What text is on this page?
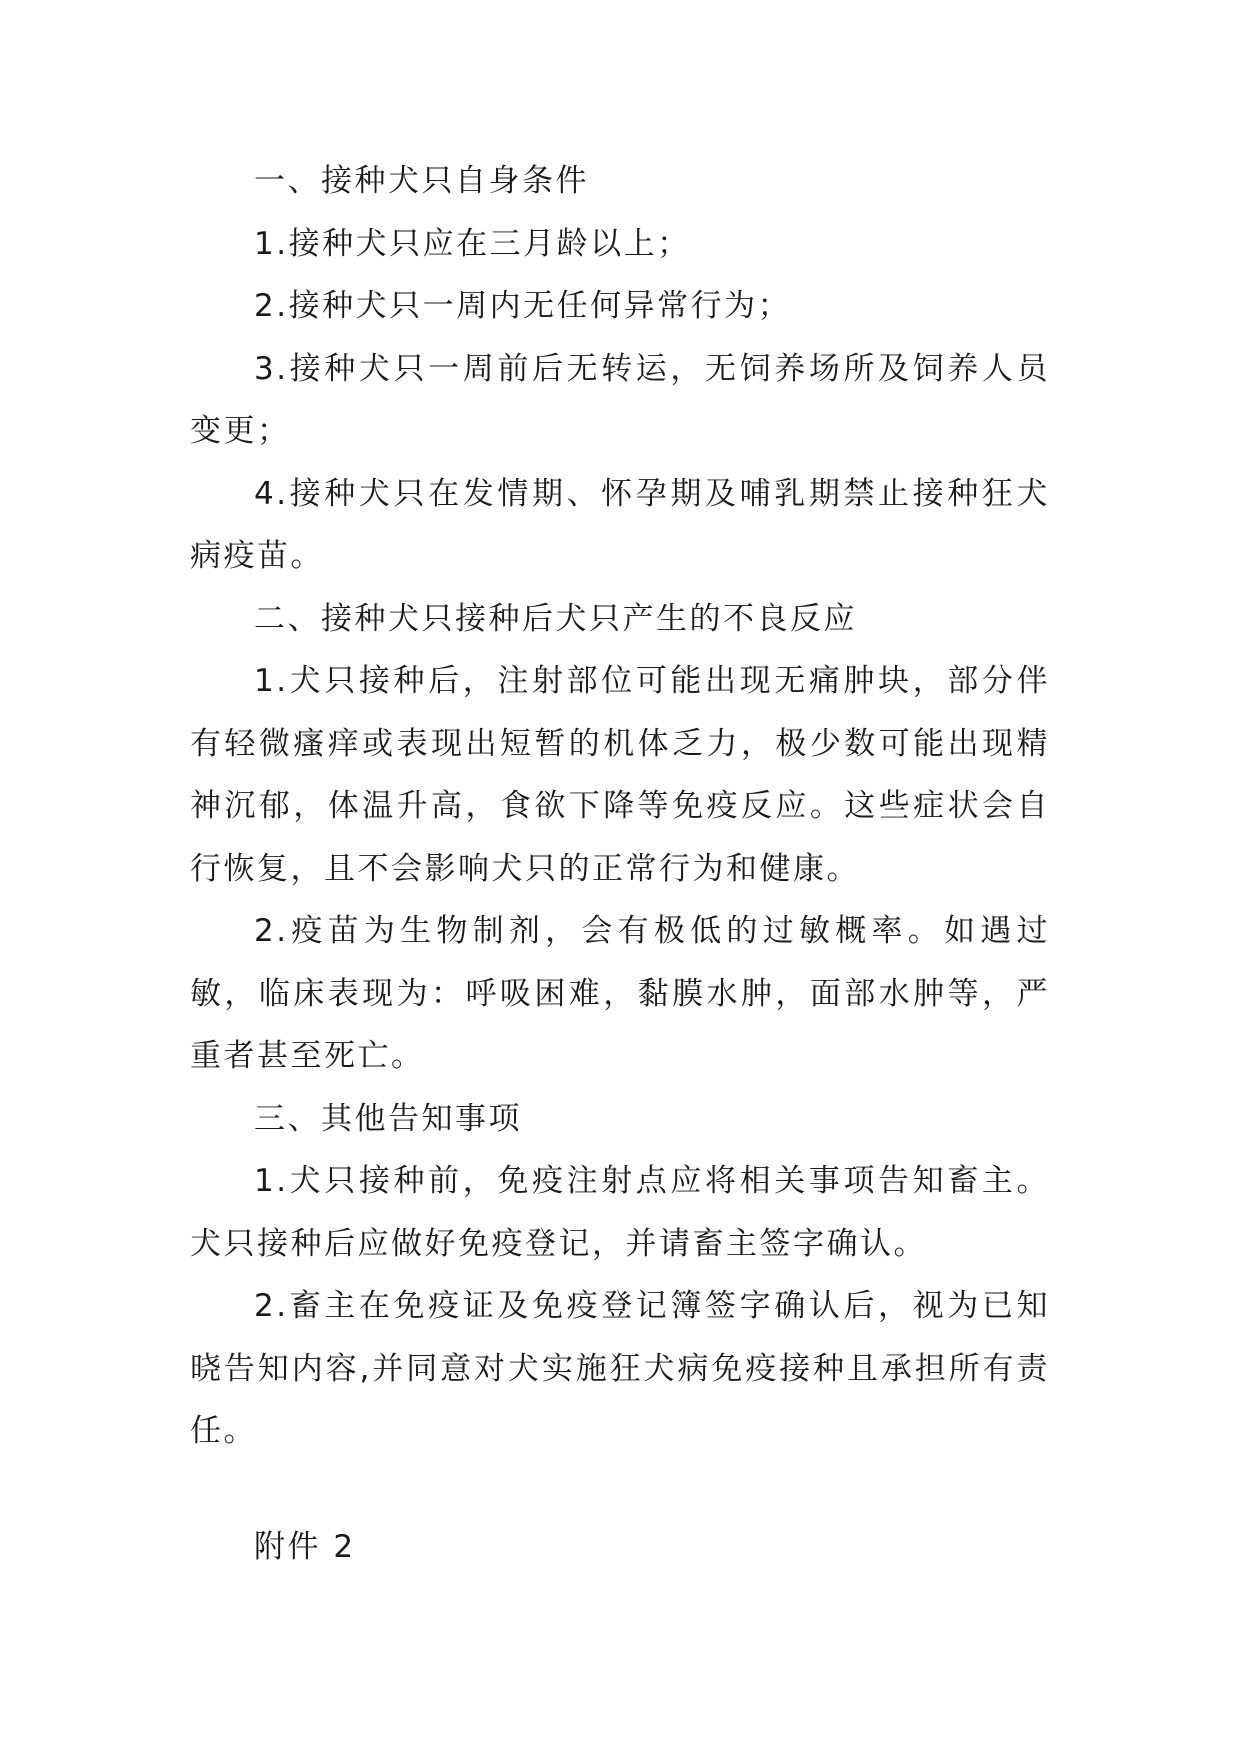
一、接种犬只自身条件

1.接种犬只应在三月龄以上；

2.接种犬只一周内无任何异常行为；

3.接种犬只一周前后无转运，无饲养场所及饲养人员变更；

4.接种犬只在发情期、怀孕期及哺乳期禁止接种狂犬病疫苗。

二、接种犬只接种后犬只产生的不良反应

1.犬只接种后，注射部位可能出现无痛肿块，部分伴有轻微瘙痒或表现出短暂的机体乏力，极少数可能出现精神沉郁，体温升高，食欲下降等免疫反应。这些症状会自行恢复，且不会影响犬只的正常行为和健康。

2.疫苗为生物制剂，会有极低的过敏概率。如遇过敏，临床表现为：呼吸困难，黏膜水肿，面部水肿等，严重者甚至死亡。

三、其他告知事项

1.犬只接种前，免疫注射点应将相关事项告知畜主。犬只接种后应做好免疫登记，并请畜主签字确认。

2.畜主在免疫证及免疫登记簿签字确认后，视为已知晓告知内容,并同意对犬实施狂犬病免疫接种且承担所有责任。

附件 2
